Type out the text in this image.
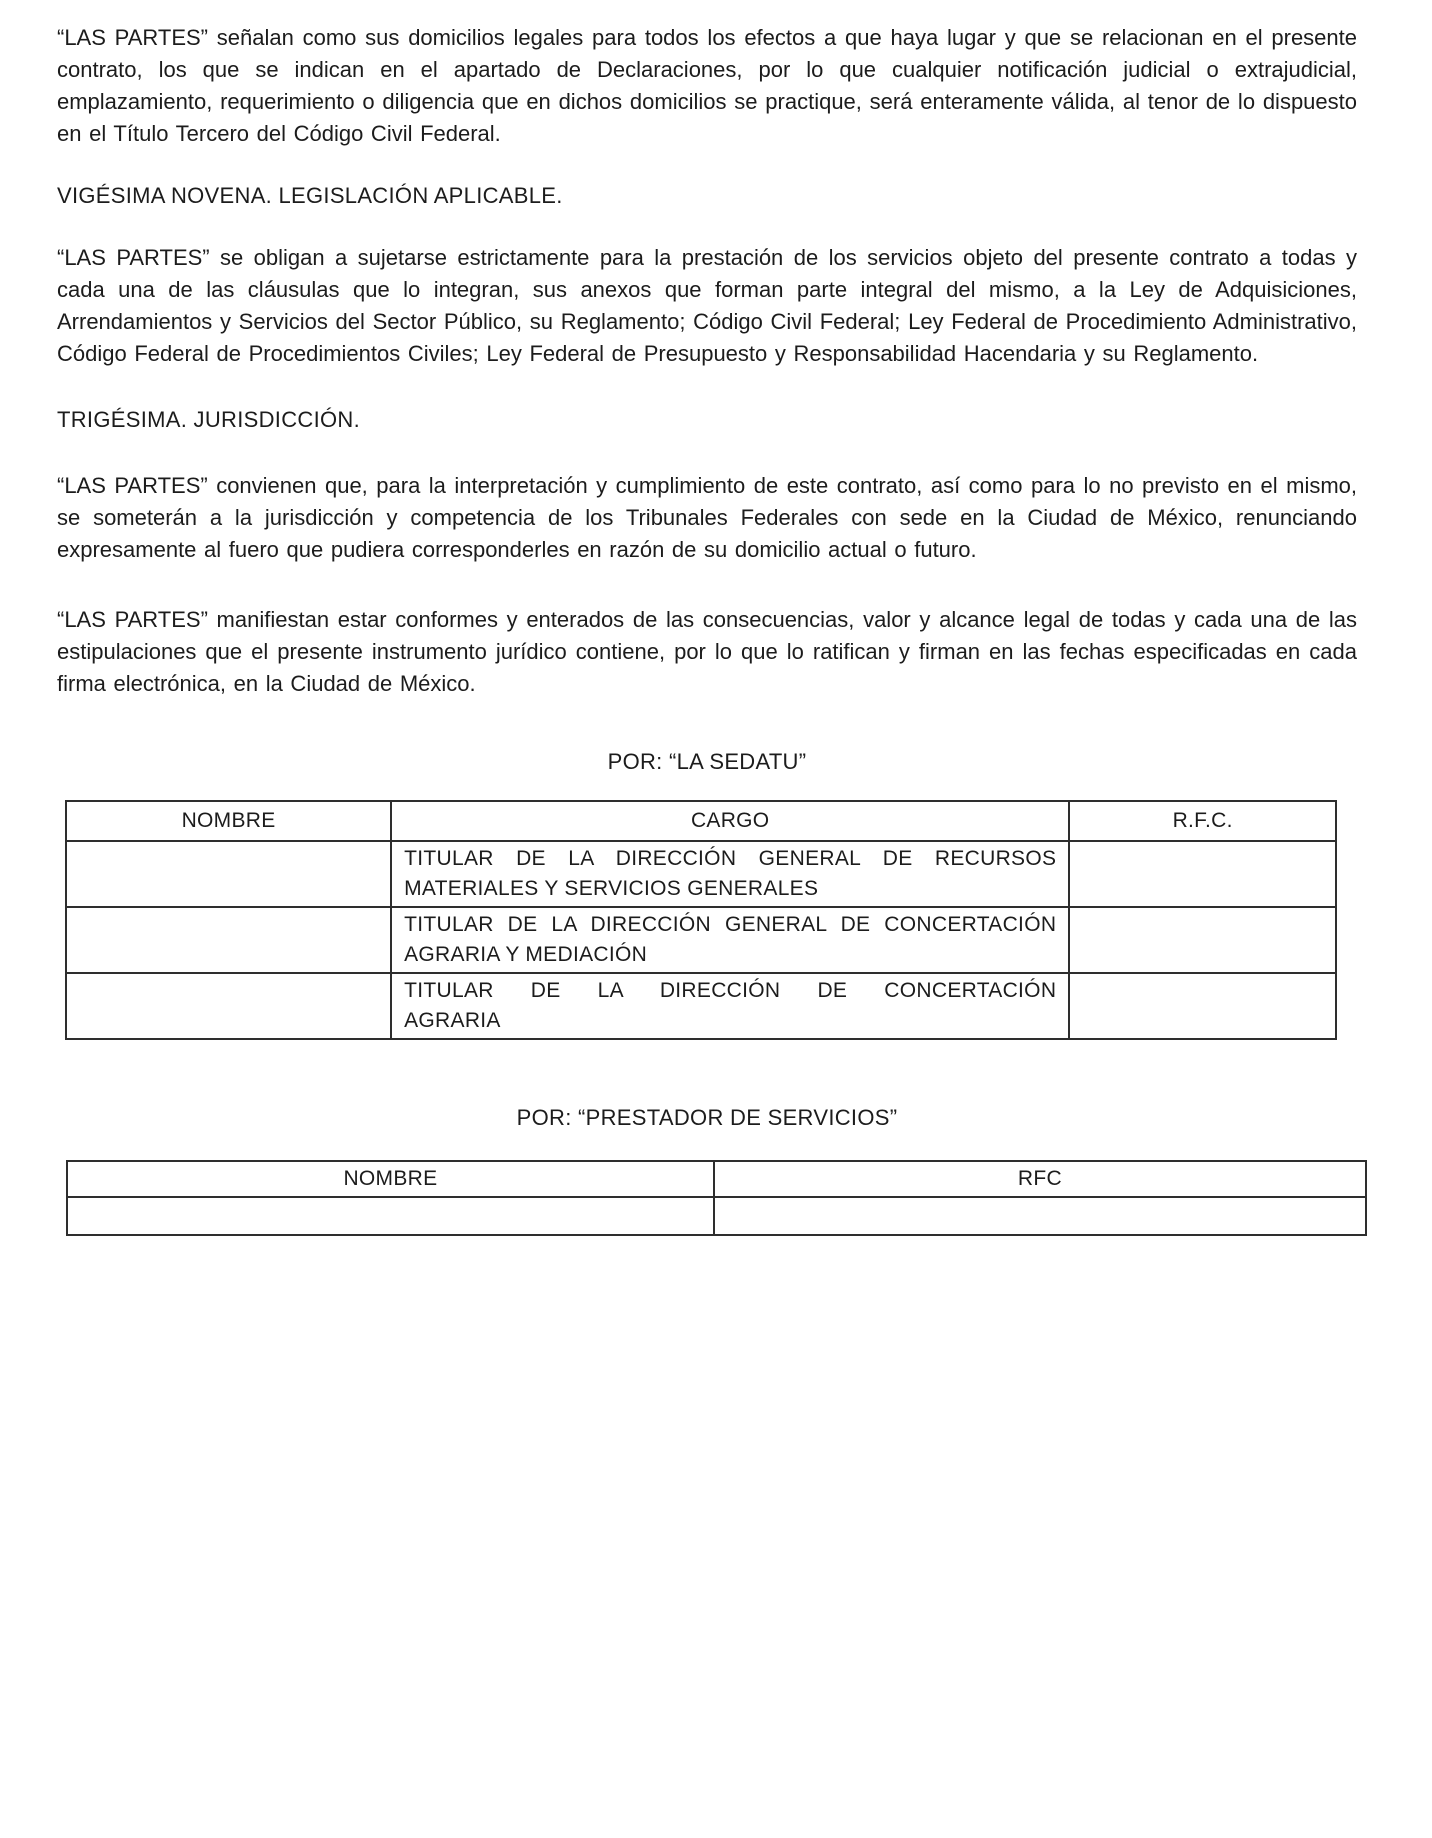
“LAS PARTES” señalan como sus domicilios legales para todos los efectos a que haya lugar y que se relacionan en el presente contrato, los que se indican en el apartado de Declaraciones, por lo que cualquier notificación judicial o extrajudicial, emplazamiento, requerimiento o diligencia que en dichos domicilios se practique, será enteramente válida, al tenor de lo dispuesto en el Título Tercero del Código Civil Federal.

VIGÉSIMA NOVENA. LEGISLACIÓN APLICABLE.

“LAS PARTES” se obligan a sujetarse estrictamente para la prestación de los servicios objeto del presente contrato a todas y cada una de las cláusulas que lo integran, sus anexos que forman parte integral del mismo, a la Ley de Adquisiciones, Arrendamientos y Servicios del Sector Público, su Reglamento; Código Civil Federal; Ley Federal de Procedimiento Administrativo, Código Federal de Procedimientos Civiles; Ley Federal de Presupuesto y Responsabilidad Hacendaria y su Reglamento.

TRIGÉSIMA. JURISDICCIÓN.

“LAS PARTES” convienen que, para la interpretación y cumplimiento de este contrato, así como para lo no previsto en el mismo, se someterán a la jurisdicción y competencia de los Tribunales Federales con sede en la Ciudad de México, renunciando expresamente al fuero que pudiera corresponderles en razón de su domicilio actual o futuro.

“LAS PARTES” manifiestan estar conformes y enterados de las consecuencias, valor y alcance legal de todas y cada una de las estipulaciones que el presente instrumento jurídico contiene, por lo que lo ratifican y firman en las fechas especificadas en cada firma electrónica, en la Ciudad de México.

POR: “LA SEDATU”

NOMBRE	CARGO	R.F.C.

	TITULAR DE LA DIRECCIÓN GENERAL DE RECURSOS
MATERIALES Y SERVICIOS GENERALES	

	TITULAR DE LA DIRECCIÓN GENERAL DE CONCERTACIÓN
AGRARIA Y MEDIACIÓN	

	TITULAR DE LA DIRECCIÓN DE CONCERTACIÓN
AGRARIA	

POR: “PRESTADOR DE SERVICIOS”

NOMBRE	RFC
